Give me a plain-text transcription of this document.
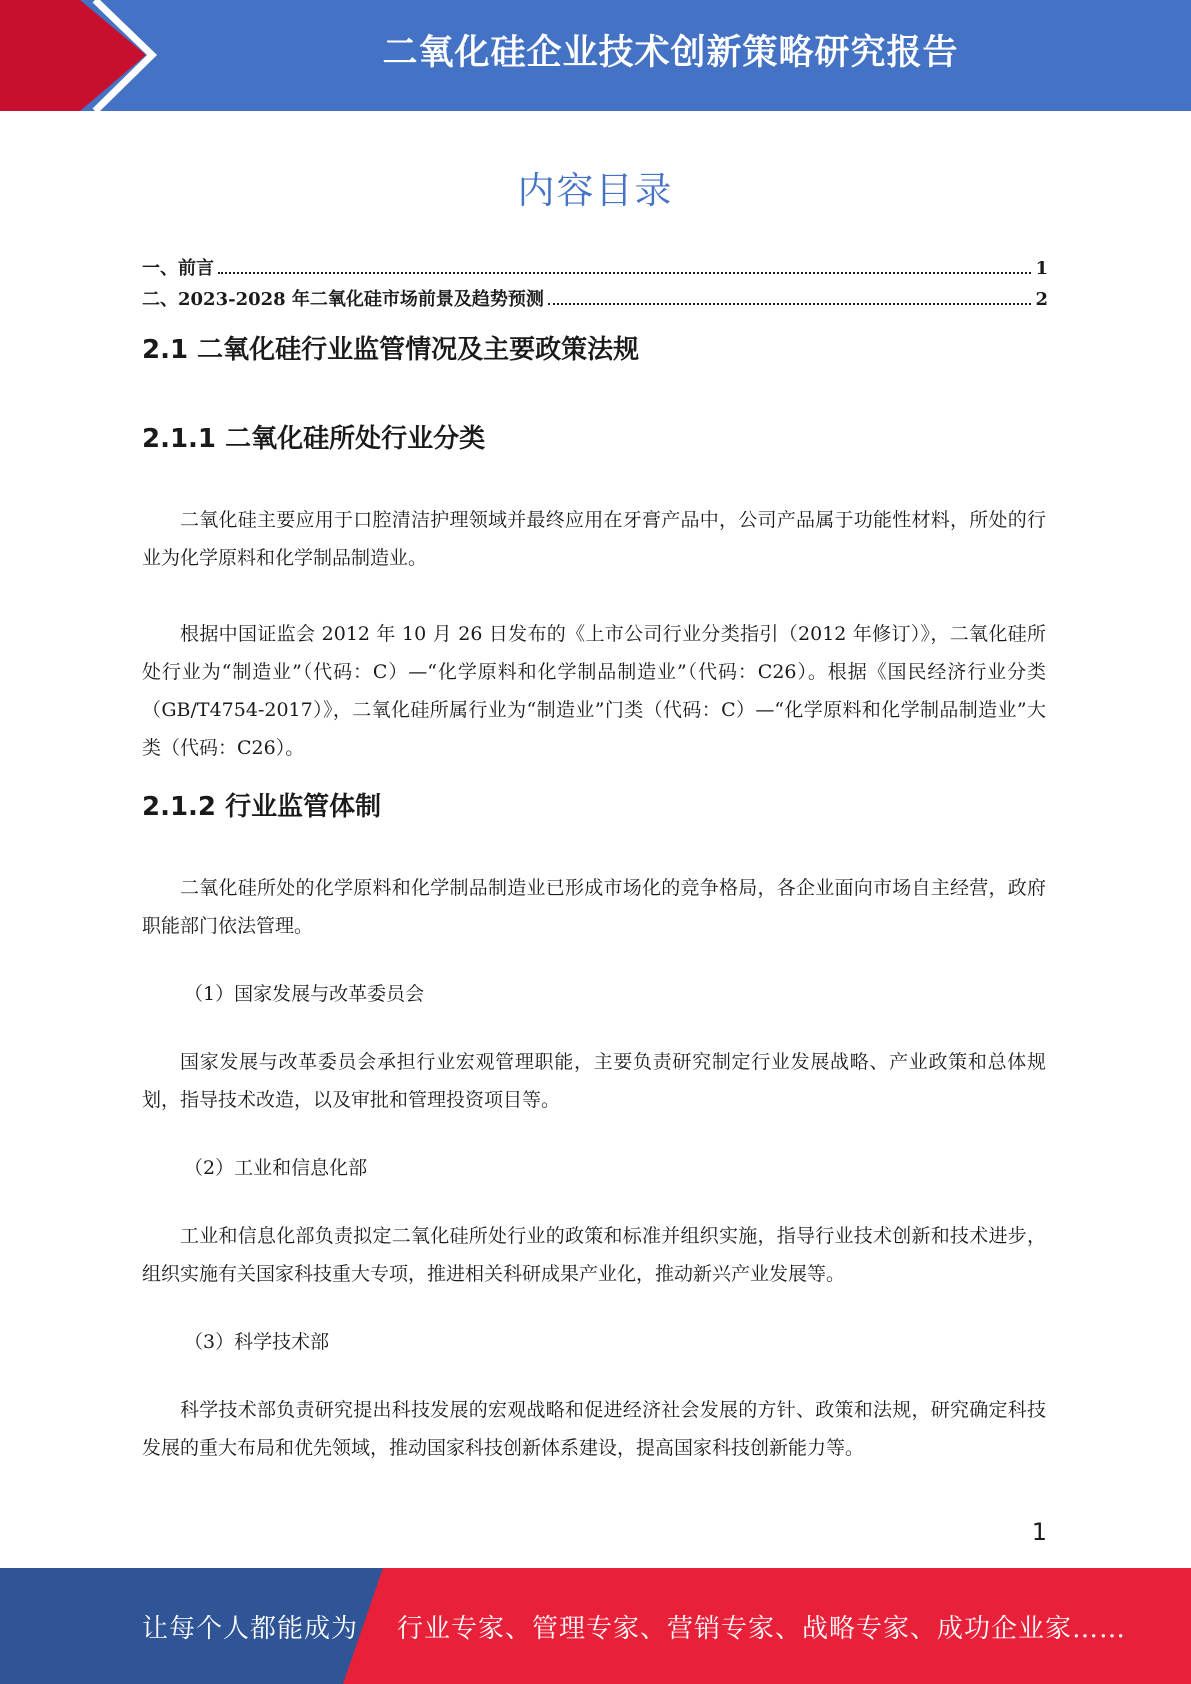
二氧化硅企业技术创新策略研究报告
内容目录
一、前言	1
二、2023-2028 年二氧化硅市场前景及趋势预测	2
2.1 二氧化硅行业监管情况及主要政策法规
2.1.1 二氧化硅所处行业分类

二氧化硅主要应用于口腔清洁护理领域并最终应用在牙膏产品中，公司产品属于功能性材料，所处的行业为化学原料和化学制品制造业。

根据中国证监会 2012 年 10 月 26 日发布的《上市公司行业分类指引（2012 年修订）》，二氧化硅所处行业为“制造业”（代码：C）—“化学原料和化学制品制造业”（代码：C26）。根据《国民经济行业分类（GB/T4754-2017）》，二氧化硅所属行业为“制造业”门类（代码：C）—“化学原料和化学制品制造业”大类（代码：C26）。

2.1.2 行业监管体制

二氧化硅所处的化学原料和化学制品制造业已形成市场化的竞争格局，各企业面向市场自主经营，政府职能部门依法管理。

（1）国家发展与改革委员会

国家发展与改革委员会承担行业宏观管理职能，主要负责研究制定行业发展战略、产业政策和总体规划，指导技术改造，以及审批和管理投资项目等。

（2）工业和信息化部

工业和信息化部负责拟定二氧化硅所处行业的政策和标准并组织实施，指导行业技术创新和技术进步，组织实施有关国家科技重大专项，推进相关科研成果产业化，推动新兴产业发展等。

（3）科学技术部

科学技术部负责研究提出科技发展的宏观战略和促进经济社会发展的方针、政策和法规，研究确定科技发展的重大布局和优先领域，推动国家科技创新体系建设，提高国家科技创新能力等。

1
让每个人都能成为 行业专家、管理专家、营销专家、战略专家、成功企业家……
